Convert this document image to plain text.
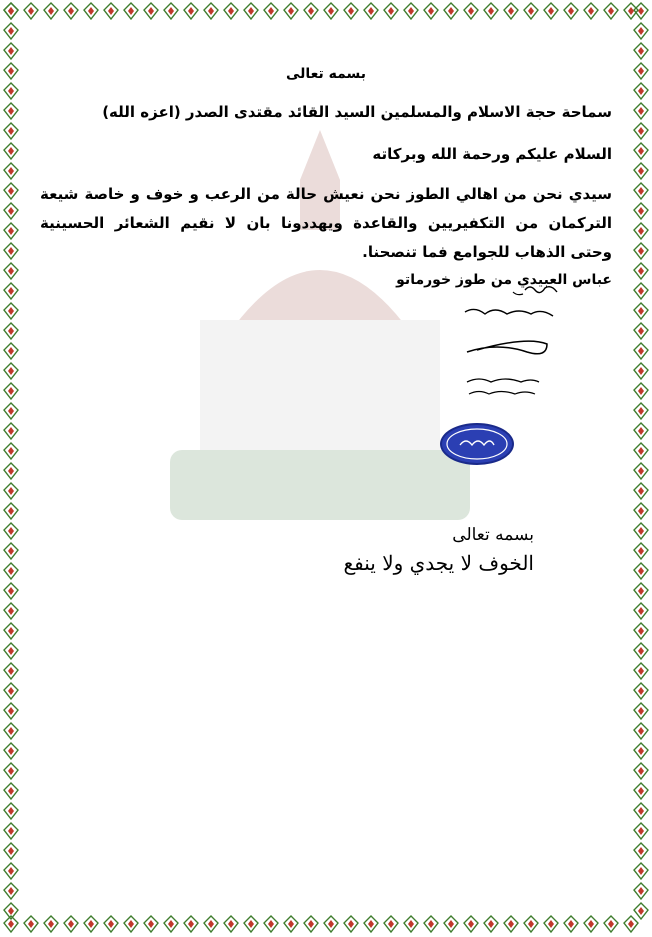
بسمه تعالى
سماحة حجة الاسلام والمسلمين السيد القائد مقتدى الصدر (اعزه الله)
السلام عليكم ورحمة الله وبركاته
سيدي نحن من اهالي الطوز نحن نعيش حالة من الرعب و خوف و خاصة شيعة التركمان من التكفيريين والقاعدة ويهددونا بان لا نقيم الشعائر الحسينية وحتى الذهاب للجوامع فما تنصحنا.
عباس العبيدي من طوز خورماتو
بسمه تعالى
الخوف لا يجدي ولا ينفع
